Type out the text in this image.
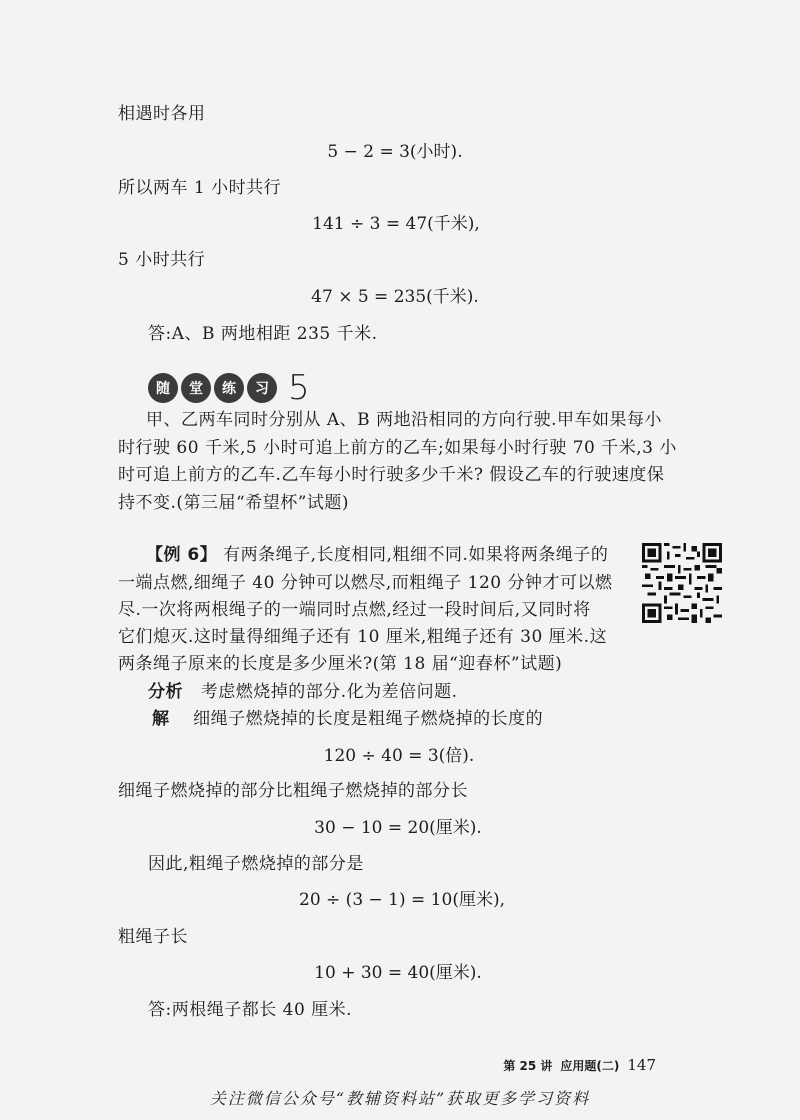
相遇时各用
5 − 2 = 3(小时).
所以两车 1 小时共行
141 ÷ 3 = 47(千米),
5 小时共行
47 × 5 = 235(千米).
答:A、B 两地相距 235 千米.
随	堂	练	习 5
甲、乙两车同时分别从 A、B 两地沿相同的方向行驶.甲车如果每小
时行驶 60 千米,5 小时可追上前方的乙车;如果每小时行驶 70 千米,3 小
时可追上前方的乙车.乙车每小时行驶多少千米? 假设乙车的行驶速度保
持不变.(第三届“希望杯”试题)
【例 6】 有两条绳子,长度相同,粗细不同.如果将两条绳子的
一端点燃,细绳子 40 分钟可以燃尽,而粗绳子 120 分钟才可以燃
尽.一次将两根绳子的一端同时点燃,经过一段时间后,又同时将
它们熄灭.这时量得细绳子还有 10 厘米,粗绳子还有 30 厘米.这
两条绳子原来的长度是多少厘米?(第 18 届“迎春杯”试题)
分析 考虑燃烧掉的部分.化为差倍问题.
解 细绳子燃烧掉的长度是粗绳子燃烧掉的长度的
120 ÷ 40 = 3(倍).
细绳子燃烧掉的部分比粗绳子燃烧掉的部分长
30 − 10 = 20(厘米).
因此,粗绳子燃烧掉的部分是
20 ÷ (3 − 1) = 10(厘米),
粗绳子长
10 + 30 = 40(厘米).
答:两根绳子都长 40 厘米.
第 25 讲 应用题(二) 147
关注微信公众号“教辅资料站”获取更多学习资料
